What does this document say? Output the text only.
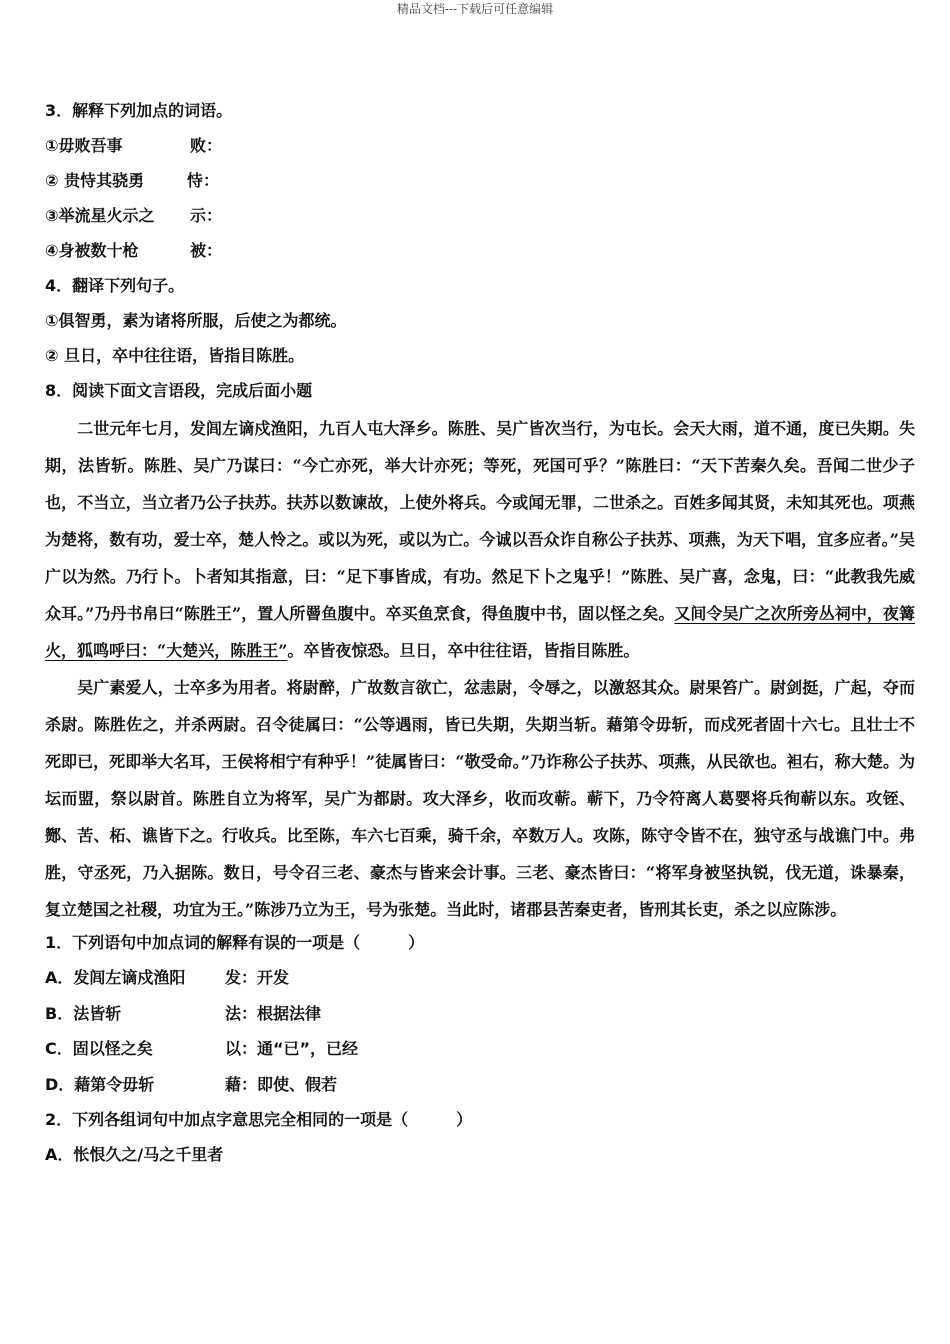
精品文档---下载后可任意编辑
3．解释下列加点的词语。
①毋败吾事	败：
② 贵恃其骁勇	恃：
③举流星火示之 示：
④身被数十枪	被：
4．翻译下列句子。
①俱智勇，素为诸将所服，后使之为都统。
② 旦日，卒中往往语，皆指目陈胜。
8．阅读下面文言语段，完成后面小题
二世元年七月，发闾左谪戍渔阳，九百人屯大泽乡。陈胜、吴广皆次当行，为屯长。会天大雨，道不通，度已失期。失期，法皆斩。陈胜、吴广乃谋曰：“今亡亦死，举大计亦死；等死，死国可乎？”陈胜曰：“天下苦秦久矣。吾闻二世少子也，不当立，当立者乃公子扶苏。扶苏以数谏故，上使外将兵。今或闻无罪，二世杀之。百姓多闻其贤，未知其死也。项燕为楚将，数有功，爱士卒，楚人怜之。或以为死，或以为亡。今诚以吾众诈自称公子扶苏、项燕，为天下唱，宜多应者。”吴广以为然。乃行卜。卜者知其指意，曰：“足下事皆成，有功。然足下卜之鬼乎！”陈胜、吴广喜，念鬼，曰：“此教我先威众耳。”乃丹书帛曰“陈胜王”，置人所罾鱼腹中。卒买鱼烹食，得鱼腹中书，固以怪之矣。又间令吴广之次所旁丛祠中，夜篝火，狐鸣呼曰：“大楚兴，陈胜王”。卒皆夜惊恐。旦日，卒中往往语，皆指目陈胜。
吴广素爱人，士卒多为用者。将尉醉，广故数言欲亡，忿恚尉，令辱之，以激怒其众。尉果笞广。尉剑挺，广起，夺而杀尉。陈胜佐之，并杀两尉。召令徒属曰：“公等遇雨，皆已失期，失期当斩。藉第令毋斩，而戍死者固十六七。且壮士不死即已，死即举大名耳，王侯将相宁有种乎！”徒属皆曰：“敬受命。”乃诈称公子扶苏、项燕，从民欲也。袒右，称大楚。为坛而盟，祭以尉首。陈胜自立为将军，吴广为都尉。攻大泽乡，收而攻蕲。蕲下，乃令符离人葛婴将兵徇蕲以东。攻铚、酂、苦、柘、谯皆下之。行收兵。比至陈，车六七百乘，骑千余，卒数万人。攻陈，陈守令皆不在，独守丞与战谯门中。弗胜，守丞死，乃入据陈。数日，号令召三老、豪杰与皆来会计事。三老、豪杰皆曰：“将军身被坚执锐，伐无道，诛暴秦，复立楚国之社稷，功宜为王。”陈涉乃立为王，号为张楚。当此时，诸郡县苦秦吏者，皆刑其长吏，杀之以应陈涉。
1．下列语句中加点词的解释有误的一项是（　　　）
A．发闾左谪戍渔阳 发：开发
B．法皆斩	法：根据法律
C．固以怪之矣	以：通“已”，已经
D．藉第令毋斩	藉：即使、假若
2．下列各组词句中加点字意思完全相同的一项是（　　　）
A．怅恨久之/马之千里者
